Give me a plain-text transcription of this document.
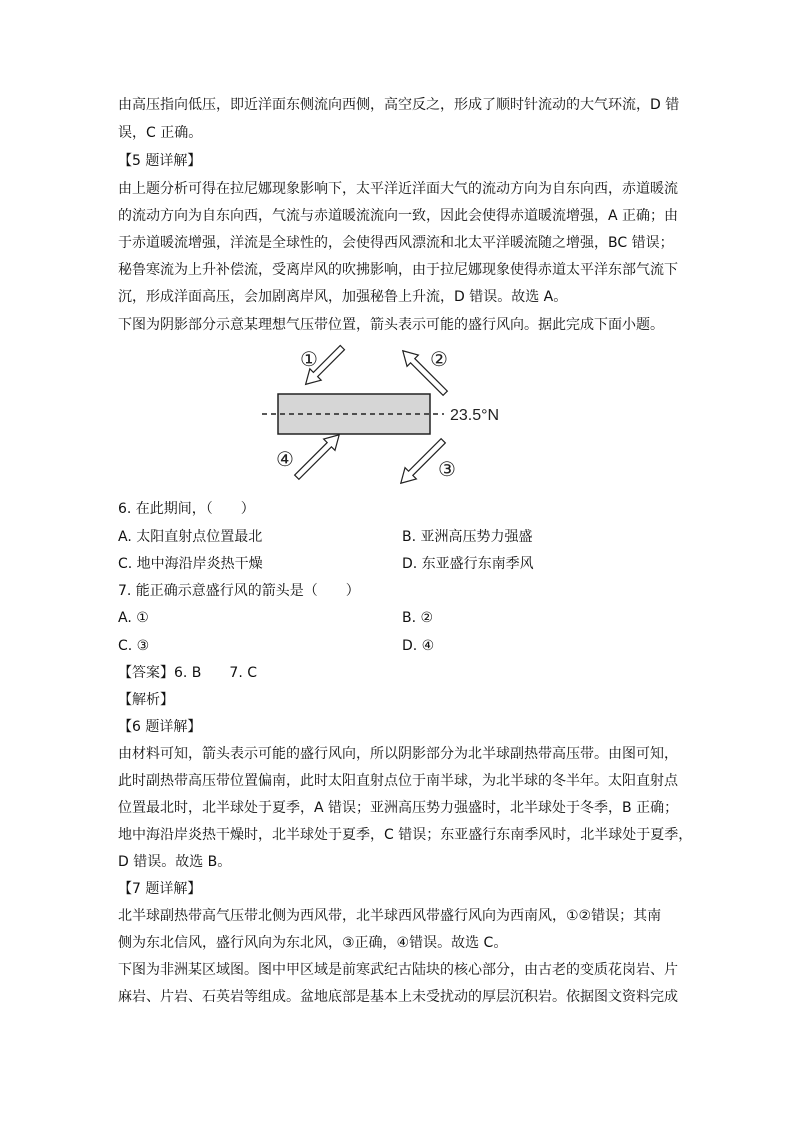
由高压指向低压，即近洋面东侧流向西侧，高空反之，形成了顺时针流动的大气环流，D 错
误，C 正确。
【5 题详解】
由上题分析可得在拉尼娜现象影响下，太平洋近洋面大气的流动方向为自东向西，赤道暖流
的流动方向为自东向西，气流与赤道暖流流向一致，因此会使得赤道暖流增强，A 正确；由
于赤道暖流增强，洋流是全球性的，会使得西风漂流和北太平洋暖流随之增强，BC 错误；
秘鲁寒流为上升补偿流，受离岸风的吹拂影响，由于拉尼娜现象使得赤道太平洋东部气流下
沉，形成洋面高压，会加剧离岸风，加强秘鲁上升流，D 错误。故选 A。
下图为阴影部分示意某理想气压带位置，箭头表示可能的盛行风向。据此完成下面小题。
23.5°N
①	②
③
④
6. 在此期间，（　　）
A. 太阳直射点位置最北	B. 亚洲高压势力强盛
C. 地中海沿岸炎热干燥	D. 东亚盛行东南季风
7. 能正确示意盛行风的箭头是（　　）
A. ①	B. ②
C. ③	D. ④
【答案】6. B　　7. C
【解析】
【6 题详解】
由材料可知，箭头表示可能的盛行风向，所以阴影部分为北半球副热带高压带。由图可知，
此时副热带高压带位置偏南，此时太阳直射点位于南半球，为北半球的冬半年。太阳直射点
位置最北时，北半球处于夏季，A 错误；亚洲高压势力强盛时，北半球处于冬季，B 正确；
地中海沿岸炎热干燥时，北半球处于夏季，C 错误；东亚盛行东南季风时，北半球处于夏季，
D 错误。故选 B。
【7 题详解】
北半球副热带高气压带北侧为西风带，北半球西风带盛行风向为西南风，①②错误；其南
侧为东北信风，盛行风向为东北风，③正确，④错误。故选 C。
下图为非洲某区域图。图中甲区域是前寒武纪古陆块的核心部分，由古老的变质花岗岩、片
麻岩、片岩、石英岩等组成。盆地底部是基本上未受扰动的厚层沉积岩。依据图文资料完成
